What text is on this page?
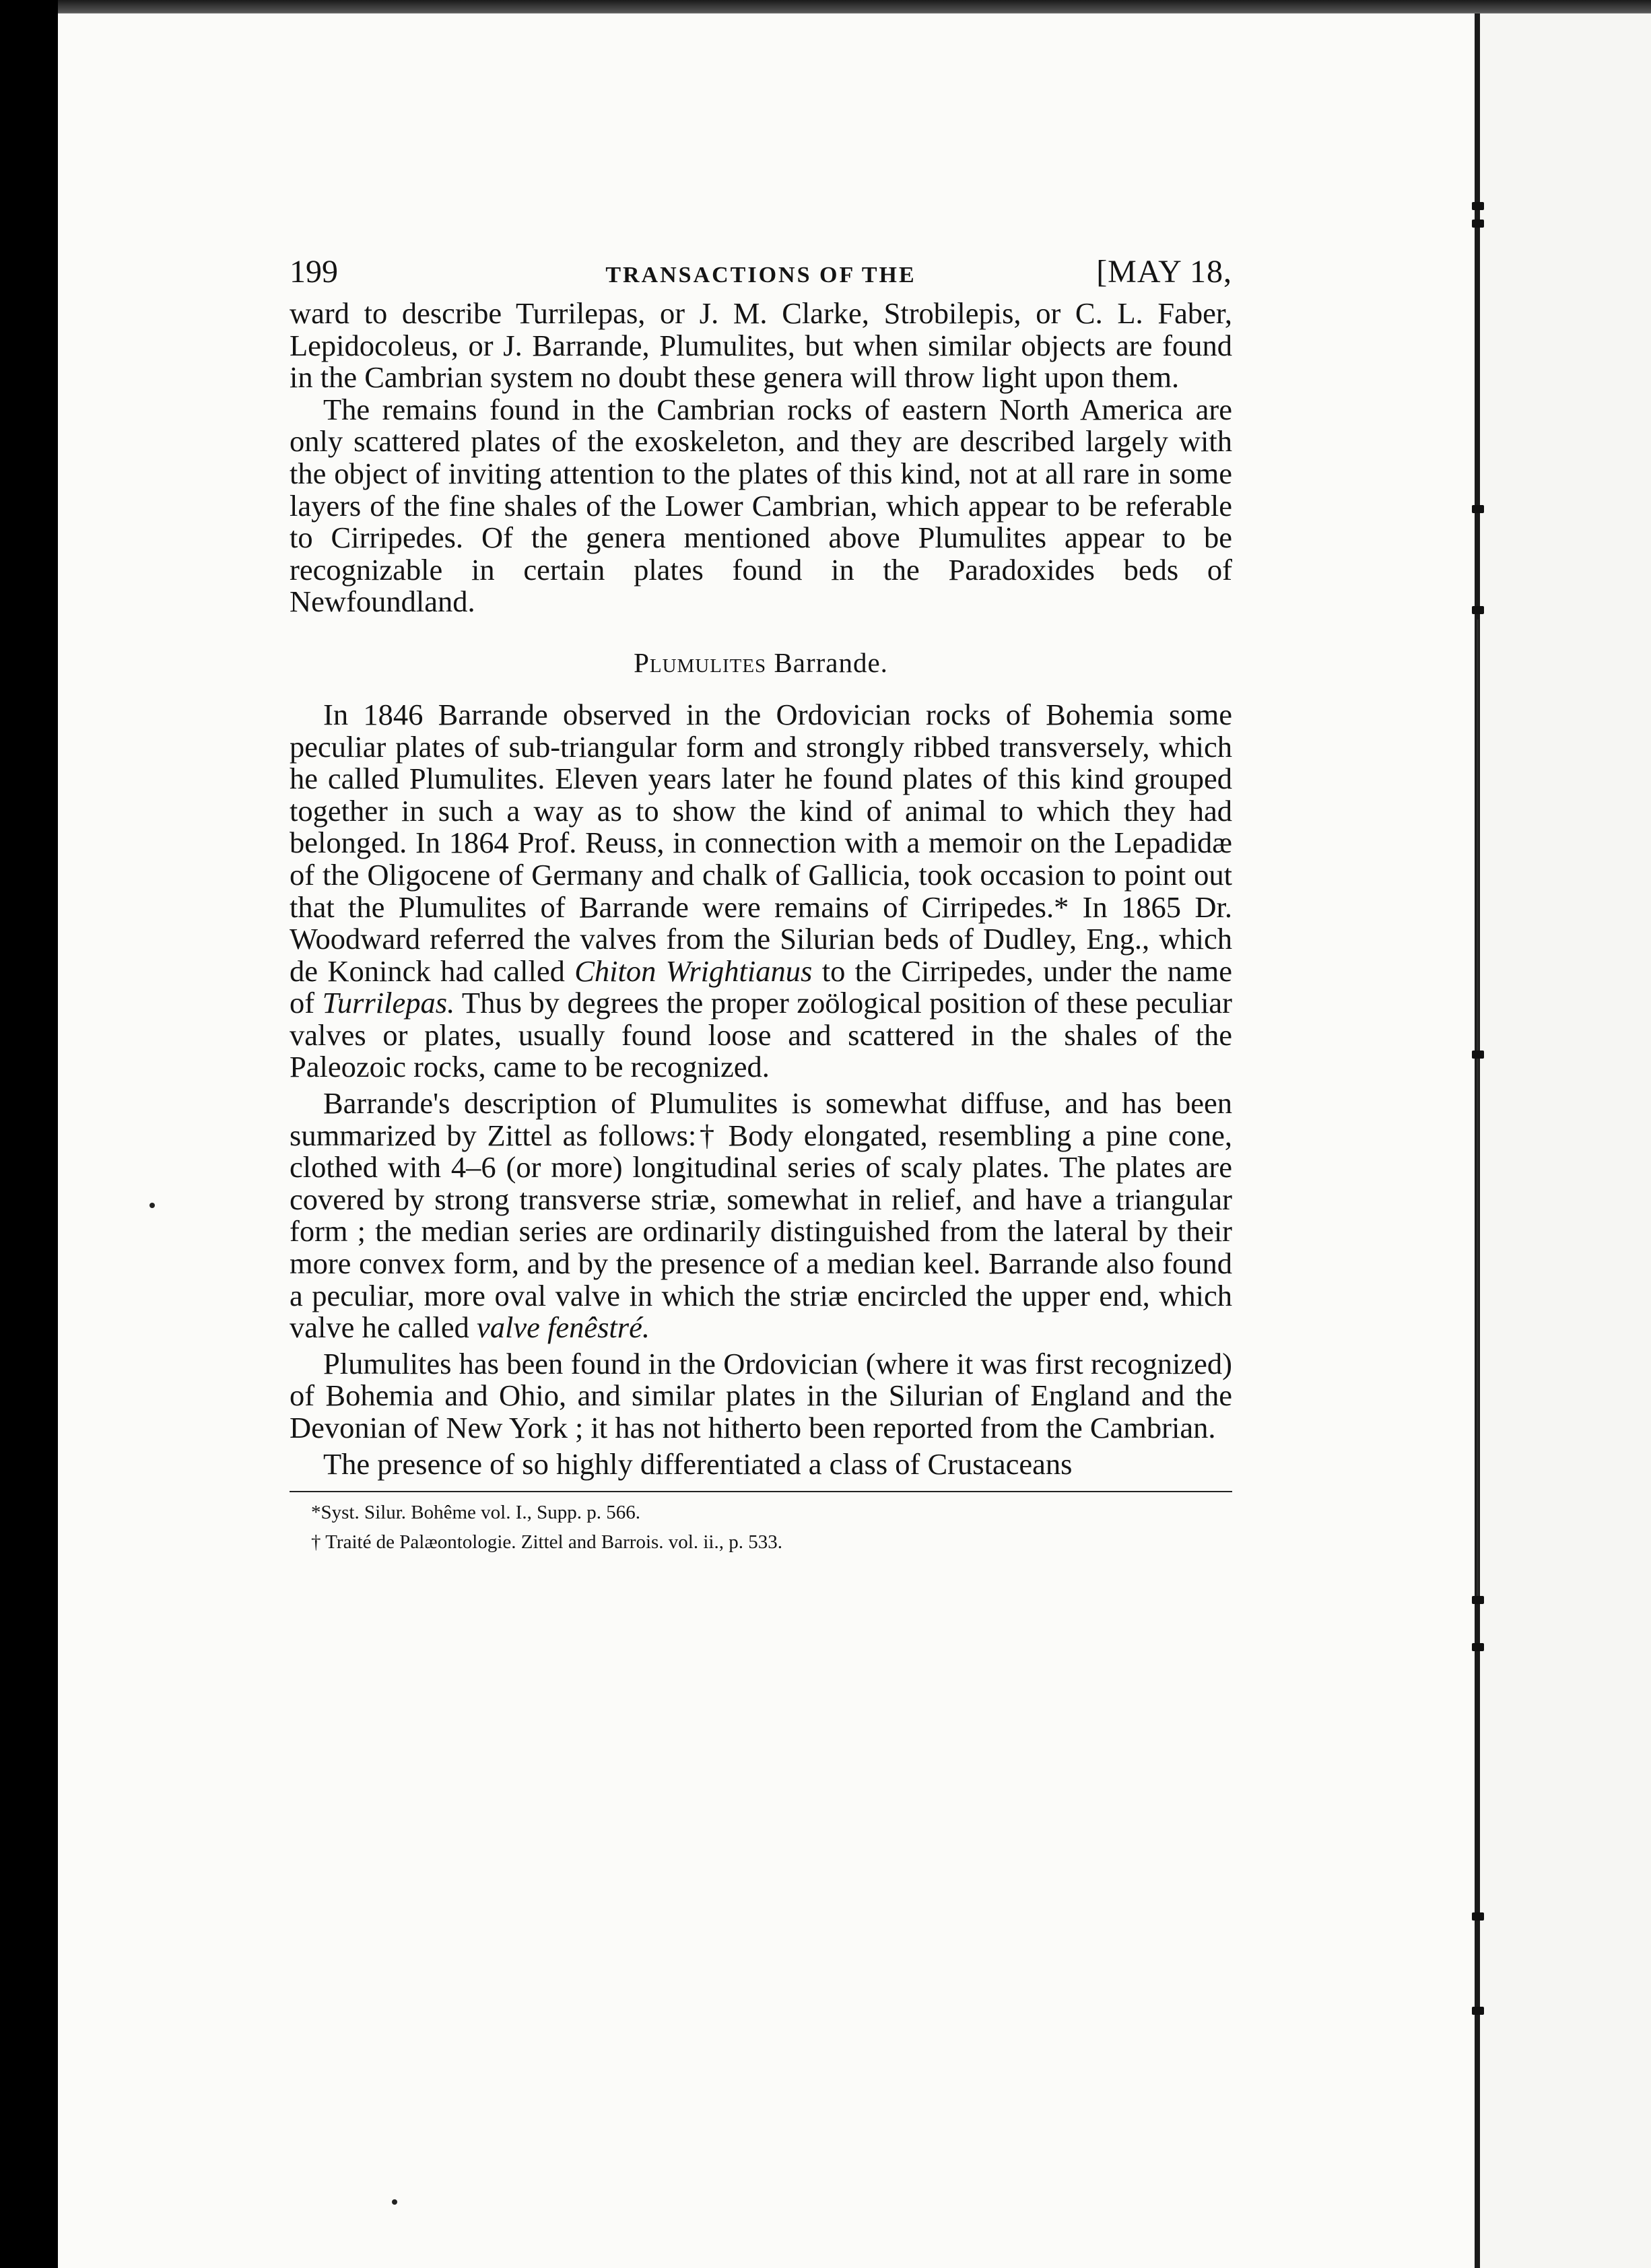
199	TRANSACTIONS OF THE	[MAY 18,

ward to describe Turrilepas, or J. M. Clarke, Strobilepis, or C. L. Faber, Lepidocoleus, or J. Barrande, Plumulites, but when similar objects are found in the Cambrian system no doubt these genera will throw light upon them.

The remains found in the Cambrian rocks of eastern North America are only scattered plates of the exoskeleton, and they are described largely with the object of inviting attention to the plates of this kind, not at all rare in some layers of the fine shales of the Lower Cambrian, which appear to be referable to Cirripedes. Of the genera mentioned above Plumulites appear to be recognizable in certain plates found in the Paradoxides beds of Newfoundland.

Plumulites Barrande.

In 1846 Barrande observed in the Ordovician rocks of Bohemia some peculiar plates of sub-triangular form and strongly ribbed transversely, which he called Plumulites. Eleven years later he found plates of this kind grouped together in such a way as to show the kind of animal to which they had belonged. In 1864 Prof. Reuss, in connection with a memoir on the Lepadidæ of the Oligocene of Germany and chalk of Gallicia, took occasion to point out that the Plumulites of Barrande were remains of Cirripedes.* In 1865 Dr. Woodward referred the valves from the Silurian beds of Dudley, Eng., which de Koninck had called Chiton Wrightianus to the Cirripedes, under the name of Turrilepas. Thus by degrees the proper zoölogical position of these peculiar valves or plates, usually found loose and scattered in the shales of the Paleozoic rocks, came to be recognized.

Barrande's description of Plumulites is somewhat diffuse, and has been summarized by Zittel as follows:† Body elongated, resembling a pine cone, clothed with 4–6 (or more) longitudinal series of scaly plates. The plates are covered by strong transverse striæ, somewhat in relief, and have a triangular form ; the median series are ordinarily distinguished from the lateral by their more convex form, and by the presence of a median keel. Barrande also found a peculiar, more oval valve in which the striæ encircled the upper end, which valve he called valve fenêstré.

Plumulites has been found in the Ordovician (where it was first recognized) of Bohemia and Ohio, and similar plates in the Silurian of England and the Devonian of New York ; it has not hitherto been reported from the Cambrian.

The presence of so highly differentiated a class of Crustaceans

*Syst. Silur. Bohême vol. I., Supp. p. 566.

† Traité de Palæontologie. Zittel and Barrois. vol. ii., p. 533.
